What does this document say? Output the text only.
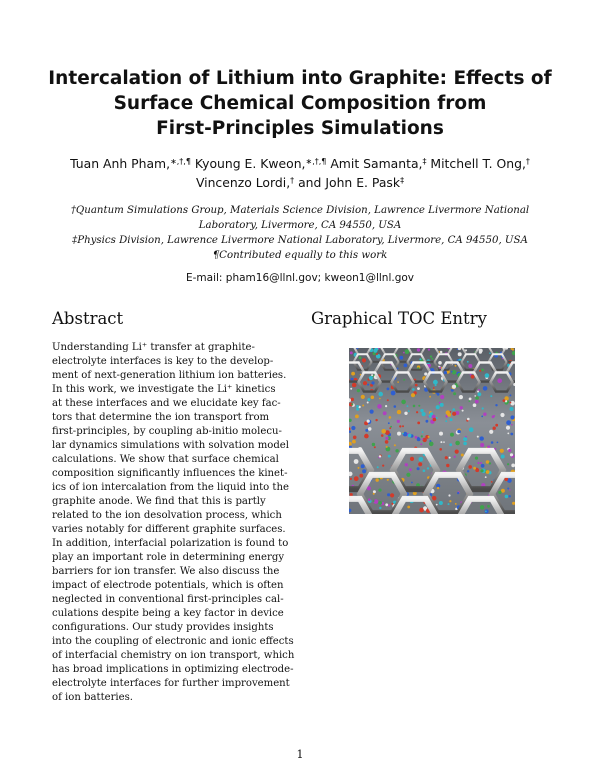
Intercalation of Lithium into Graphite: Effects of
Surface Chemical Composition from
First-Principles Simulations
Tuan Anh Pham,∗,†,¶ Kyoung E. Kweon,∗,†,¶ Amit Samanta,‡ Mitchell T. Ong,†
Vincenzo Lordi,† and John E. Pask‡
†Quantum Simulations Group, Materials Science Division, Lawrence Livermore National
Laboratory, Livermore, CA 94550, USA
‡Physics Division, Lawrence Livermore National Laboratory, Livermore, CA 94550, USA
¶Contributed equally to this work
E-mail: pham16@llnl.gov; kweon1@llnl.gov
Abstract	Graphical TOC Entry
Understanding Li⁺ transfer at graphite-
electrolyte interfaces is key to the develop-
ment of next-generation lithium ion batteries.
In this work, we investigate the Li⁺ kinetics
at these interfaces and we elucidate key fac-
tors that determine the ion transport from
first-principles, by coupling ab-initio molecu-
lar dynamics simulations with solvation model
calculations. We show that surface chemical
composition significantly influences the kinet-
ics of ion intercalation from the liquid into the
graphite anode. We find that this is partly
related to the ion desolvation process, which
varies notably for different graphite surfaces.
In addition, interfacial polarization is found to
play an important role in determining energy
barriers for ion transfer. We also discuss the
impact of electrode potentials, which is often
neglected in conventional first-principles cal-
culations despite being a key factor in device
configurations. Our study provides insights
into the coupling of electronic and ionic effects
of interfacial chemistry on ion transport, which
has broad implications in optimizing electrode-
electrolyte interfaces for further improvement
of ion batteries.
1
